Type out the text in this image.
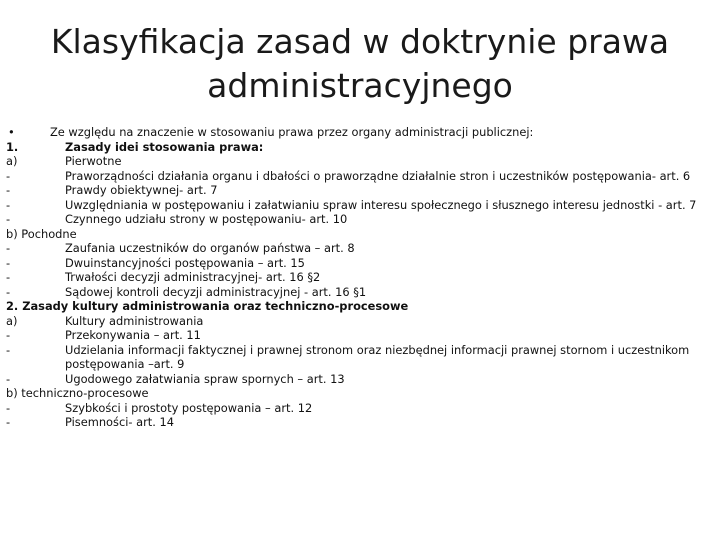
Klasyfikacja zasad w doktrynie prawa
administracyjnego
•	Ze względu na znaczenie w stosowaniu prawa przez organy administracji publicznej:
1.	Zasady idei stosowania prawa:
a)	Pierwotne
-	Praworządności działania organu i dbałości o praworządne działalnie stron i uczestników postępowania- art. 6
-	Prawdy obiektywnej- art. 7
-	Uwzględniania w postępowaniu i załatwianiu spraw interesu społecznego i słusznego interesu jednostki - art. 7
-	Czynnego udziału strony w postępowaniu- art. 10
b) Pochodne
-	Zaufania uczestników do organów państwa – art. 8
-	Dwuinstancyjności postępowania – art. 15
-	Trwałości decyzji administracyjnej- art. 16 §2
-	Sądowej kontroli decyzji administracyjnej - art. 16 §1
2. Zasady kultury administrowania oraz techniczno-procesowe
a)	Kultury administrowania
-	Przekonywania – art. 11
-	Udzielania informacji faktycznej i prawnej stronom oraz niezbędnej informacji prawnej stornom i uczestnikom postępowania –art. 9
-	Ugodowego załatwiania spraw spornych – art. 13
b) techniczno-procesowe
-	Szybkości i prostoty postępowania – art. 12
-	Pisemności- art. 14
